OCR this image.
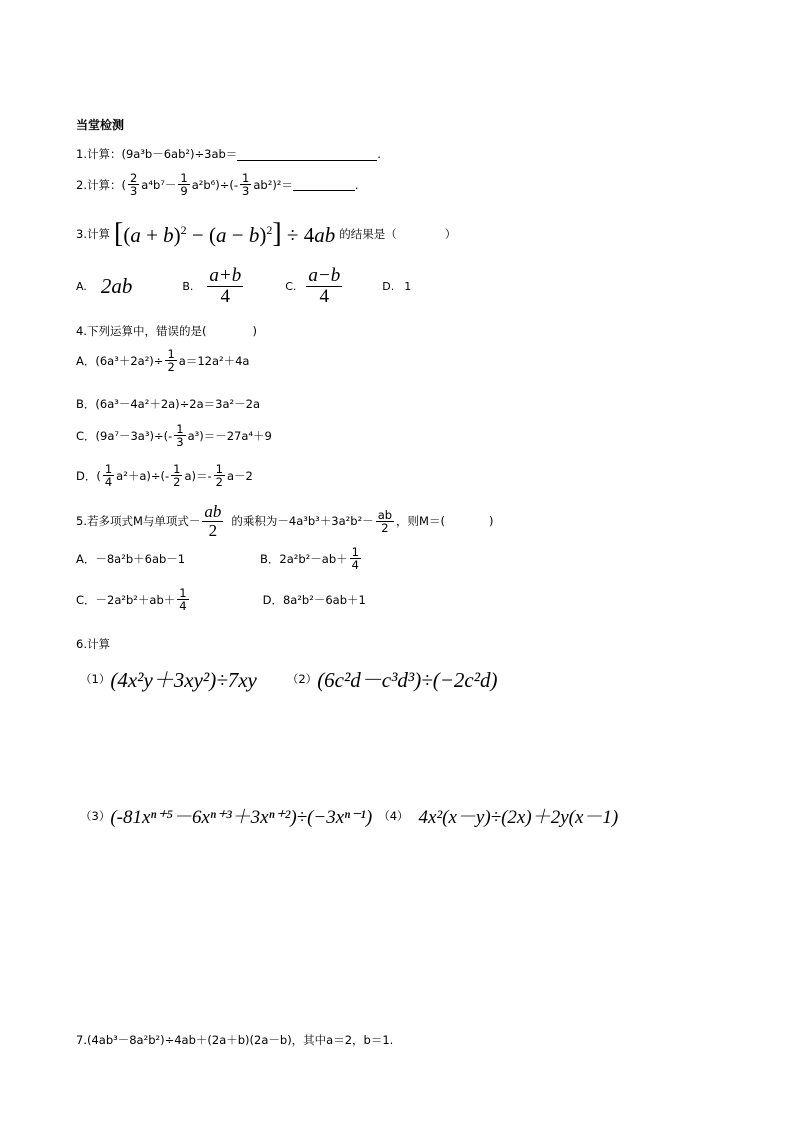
当堂检测
1.计算：(9a³b－6ab²)÷3ab＝	.
2.计算：( $\frac{2}{3} a^4b^7- \frac{1}{9} a^2b^6)\div(- \frac{1}{3} ab^2)^2=$	.
3.计算 $[(a + b)^2 - (a - b)^2] \div 4ab$ 的结果是（	）
A. 2ab	B. $\frac{a+b}{4}$	C. $\frac{a-b}{4}$	D. 1
4.下列运算中，错误的是(	)
A．$(6a^3+2a^2)\div \frac{1}{2} a=12a^2+4a$
B．(6a³－4a²＋2a)÷2a＝3a²－2a
C．$(9a^7-3a^3)\div(- \frac{1}{3} a^3)=-27a^4+9$
D．( $\frac{1}{4} a^2+a)\div(- \frac{1}{2} a)=- \frac{1}{2} a-2$
5.若多项式M与单项式－ $\frac{ab}{2}$ 的乘积为$-4a^3b^3+3a^2b^2- \frac{ab}{2}$ ，则M＝(	)
A．－8a²b＋6ab－1	B．$2a^2b^2-ab+ \frac{1}{4}$
C．$-2a^2b^2+ab+ \frac{1}{4}$	D．8a²b²－6ab＋1
6.计算
（1） (4x²y＋3xy²)÷7xy	（2） (6c²d－c³d³)÷(−2c²d)
（3） (-81xⁿ⁺⁵－6xⁿ⁺³＋3xⁿ⁺²)÷(−3xⁿ⁻¹) （4） 4x²(x－y)÷(2x)＋2y(x－1)
7.(4ab³－8a²b²)÷4ab＋(2a＋b)(2a－b)，其中a＝2，b＝1.
